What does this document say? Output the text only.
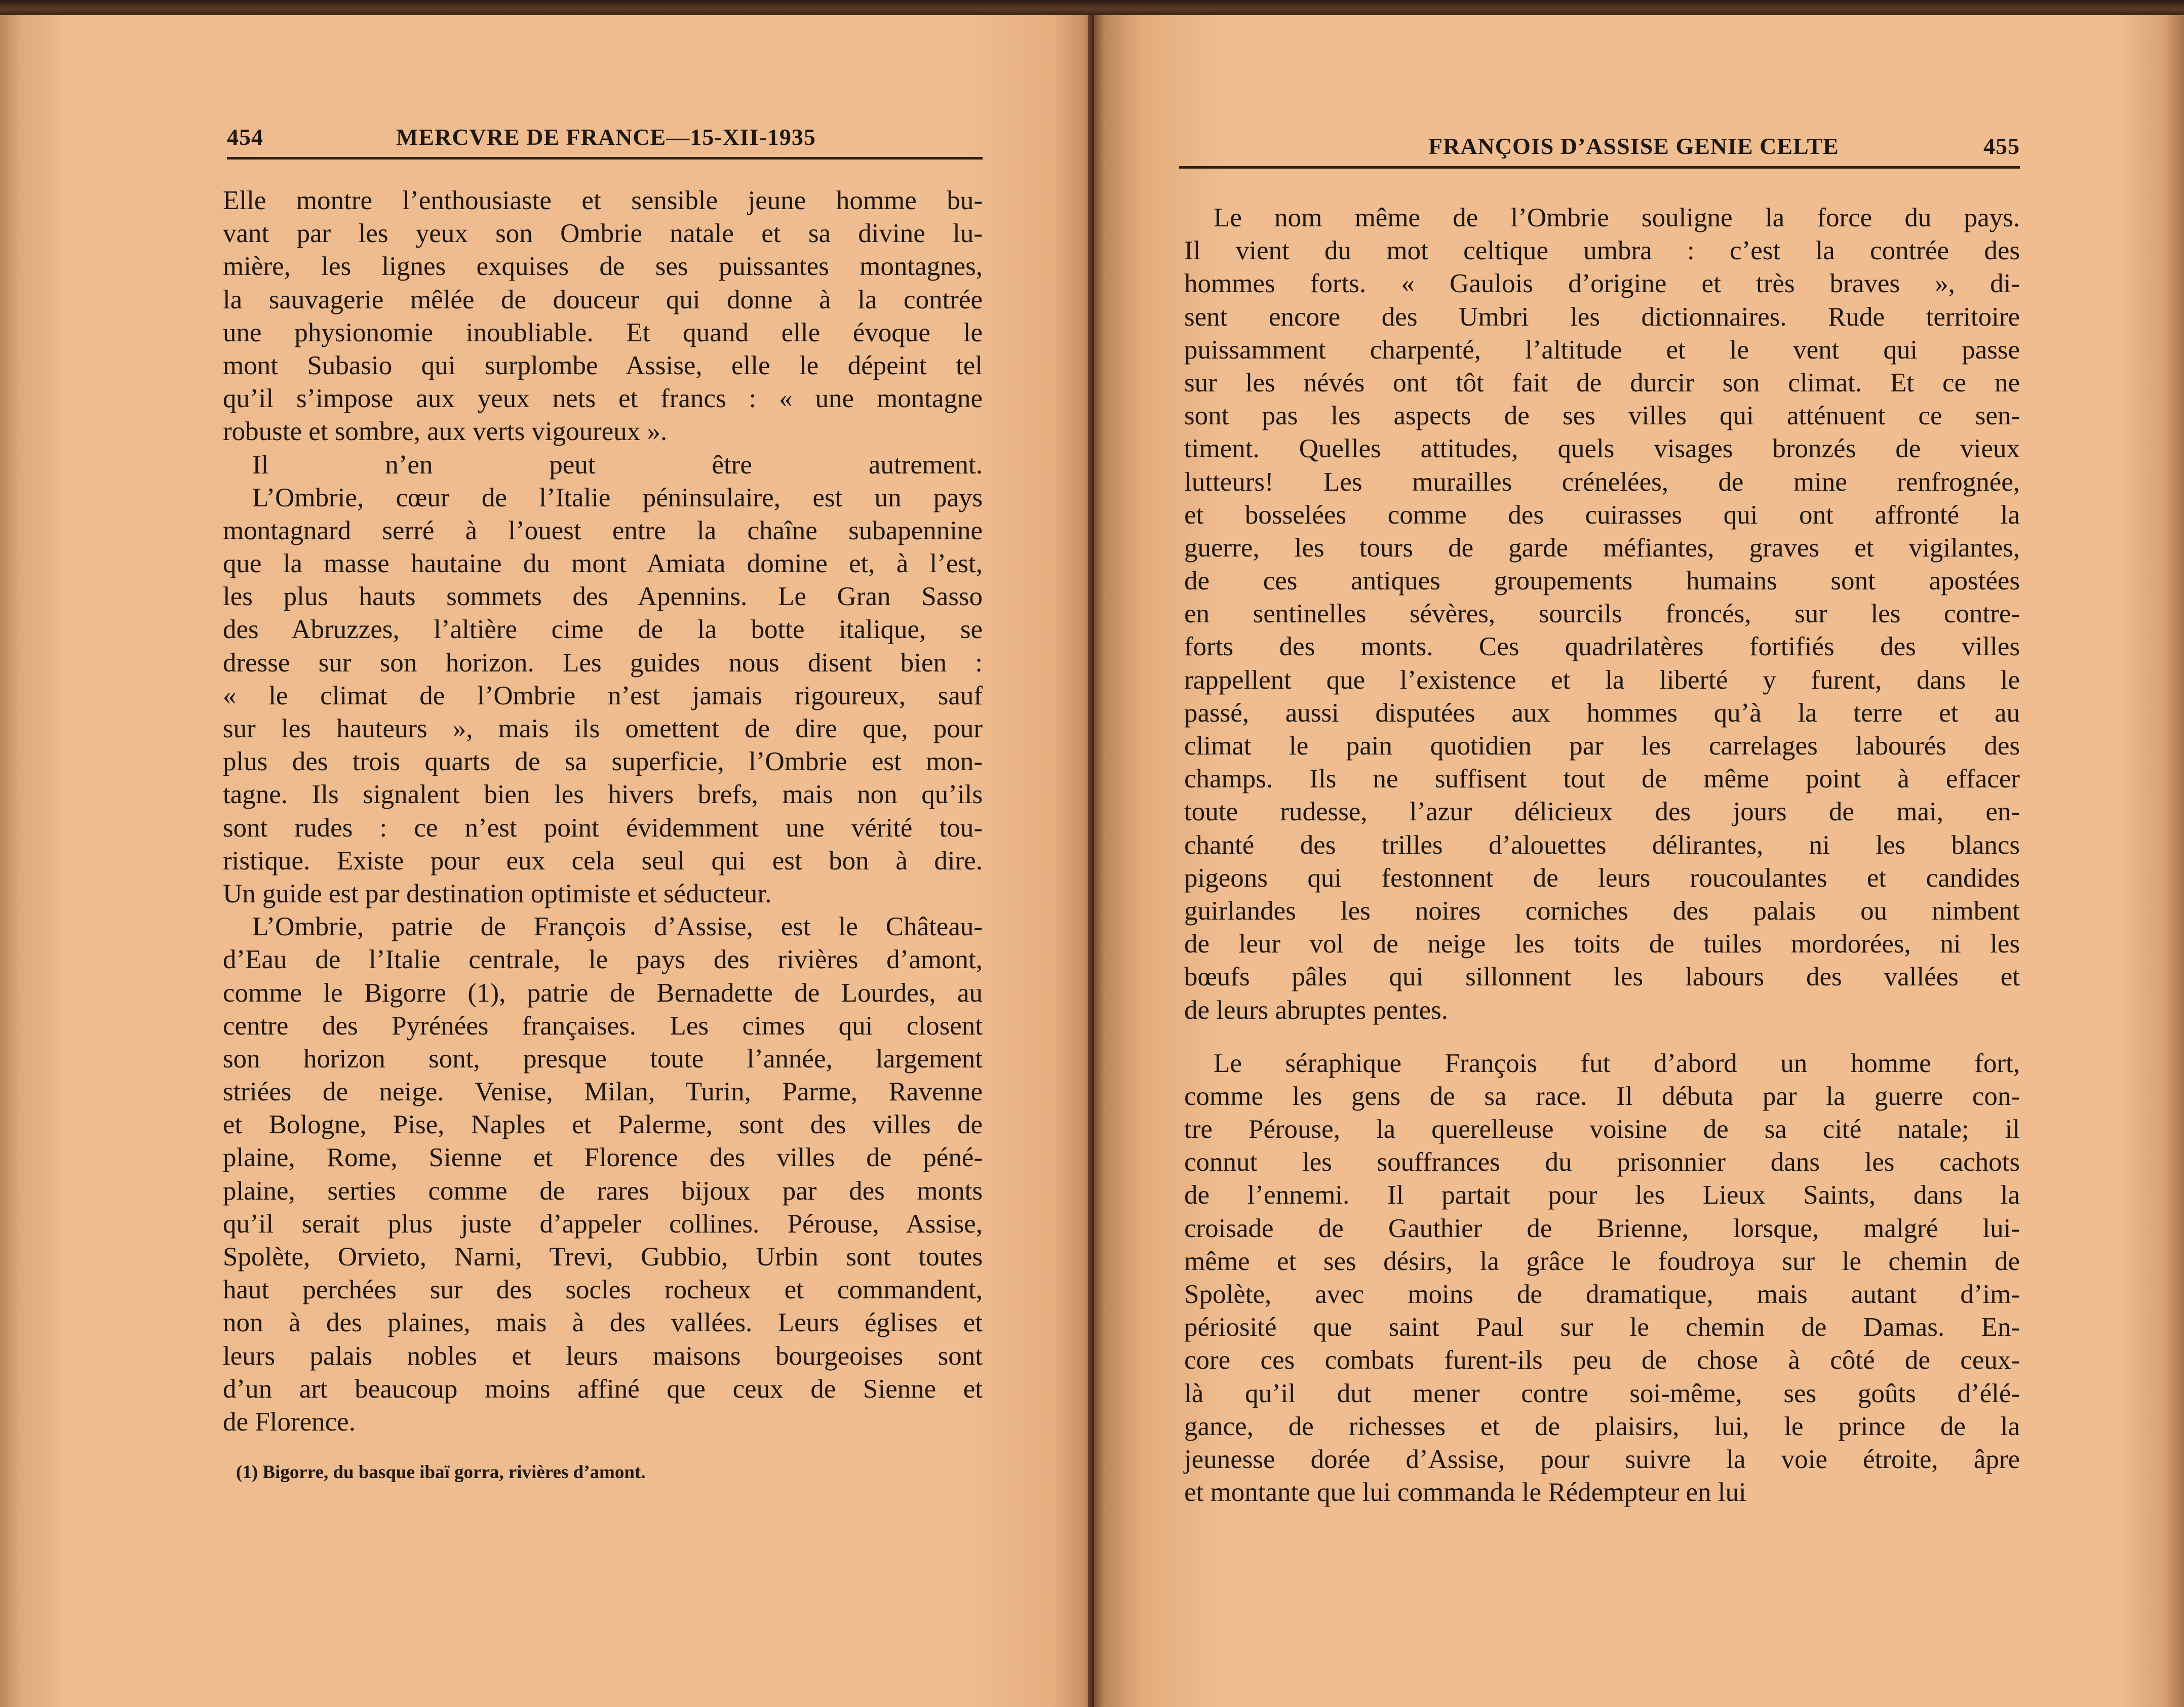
454	MERCVRE DE FRANCE—15-XII-1935
Elle montre l’enthousiaste et sensible jeune homme bu-
vant par les yeux son Ombrie natale et sa divine lu-
mière, les lignes exquises de ses puissantes montagnes,
la sauvagerie mêlée de douceur qui donne à la contrée
une physionomie inoubliable. Et quand elle évoque le
mont Subasio qui surplombe Assise, elle le dépeint tel
qu’il s’impose aux yeux nets et francs : « une montagne
robuste et sombre, aux verts vigoureux ».
Il n’en peut être autrement.
L’Ombrie, cœur de l’Italie péninsulaire, est un pays
montagnard serré à l’ouest entre la chaîne subapennine
que la masse hautaine du mont Amiata domine et, à l’est,
les plus hauts sommets des Apennins. Le Gran Sasso
des Abruzzes, l’altière cime de la botte italique, se
dresse sur son horizon. Les guides nous disent bien :
« le climat de l’Ombrie n’est jamais rigoureux, sauf
sur les hauteurs », mais ils omettent de dire que, pour
plus des trois quarts de sa superficie, l’Ombrie est mon-
tagne. Ils signalent bien les hivers brefs, mais non qu’ils
sont rudes : ce n’est point évidemment une vérité tou-
ristique. Existe pour eux cela seul qui est bon à dire.
Un guide est par destination optimiste et séducteur.
L’Ombrie, patrie de François d’Assise, est le Château-
d’Eau de l’Italie centrale, le pays des rivières d’amont,
comme le Bigorre (1), patrie de Bernadette de Lourdes, au
centre des Pyrénées françaises. Les cimes qui closent
son horizon sont, presque toute l’année, largement
striées de neige. Venise, Milan, Turin, Parme, Ravenne
et Bologne, Pise, Naples et Palerme, sont des villes de
plaine, Rome, Sienne et Florence des villes de péné-
plaine, serties comme de rares bijoux par des monts
qu’il serait plus juste d’appeler collines. Pérouse, Assise,
Spolète, Orvieto, Narni, Trevi, Gubbio, Urbin sont toutes
haut perchées sur des socles rocheux et commandent,
non à des plaines, mais à des vallées. Leurs églises et
leurs palais nobles et leurs maisons bourgeoises sont
d’un art beaucoup moins affiné que ceux de Sienne et
de Florence.
(1) Bigorre, du basque ibaï gorra, rivières d’amont.
FRANÇOIS D’ASSISE GENIE CELTE	455
Le nom même de l’Ombrie souligne la force du pays.
Il vient du mot celtique umbra : c’est la contrée des
hommes forts. « Gaulois d’origine et très braves », di-
sent encore des Umbri les dictionnaires. Rude territoire
puissamment charpenté, l’altitude et le vent qui passe
sur les névés ont tôt fait de durcir son climat. Et ce ne
sont pas les aspects de ses villes qui atténuent ce sen-
timent. Quelles attitudes, quels visages bronzés de vieux
lutteurs! Les murailles crénelées, de mine renfrognée,
et bosselées comme des cuirasses qui ont affronté la
guerre, les tours de garde méfiantes, graves et vigilantes,
de ces antiques groupements humains sont apostées
en sentinelles sévères, sourcils froncés, sur les contre-
forts des monts. Ces quadrilatères fortifiés des villes
rappellent que l’existence et la liberté y furent, dans le
passé, aussi disputées aux hommes qu’à la terre et au
climat le pain quotidien par les carrelages labourés des
champs. Ils ne suffisent tout de même point à effacer
toute rudesse, l’azur délicieux des jours de mai, en-
chanté des trilles d’alouettes délirantes, ni les blancs
pigeons qui festonnent de leurs roucoulantes et candides
guirlandes les noires corniches des palais ou nimbent
de leur vol de neige les toits de tuiles mordorées, ni les
bœufs pâles qui sillonnent les labours des vallées et
de leurs abruptes pentes.
Le séraphique François fut d’abord un homme fort,
comme les gens de sa race. Il débuta par la guerre con-
tre Pérouse, la querelleuse voisine de sa cité natale; il
connut les souffrances du prisonnier dans les cachots
de l’ennemi. Il partait pour les Lieux Saints, dans la
croisade de Gauthier de Brienne, lorsque, malgré lui-
même et ses désirs, la grâce le foudroya sur le chemin de
Spolète, avec moins de dramatique, mais autant d’im-
périosité que saint Paul sur le chemin de Damas. En-
core ces combats furent-ils peu de chose à côté de ceux-
là qu’il dut mener contre soi-même, ses goûts d’élé-
gance, de richesses et de plaisirs, lui, le prince de la
jeunesse dorée d’Assise, pour suivre la voie étroite, âpre
et montante que lui commanda le Rédempteur en lui
